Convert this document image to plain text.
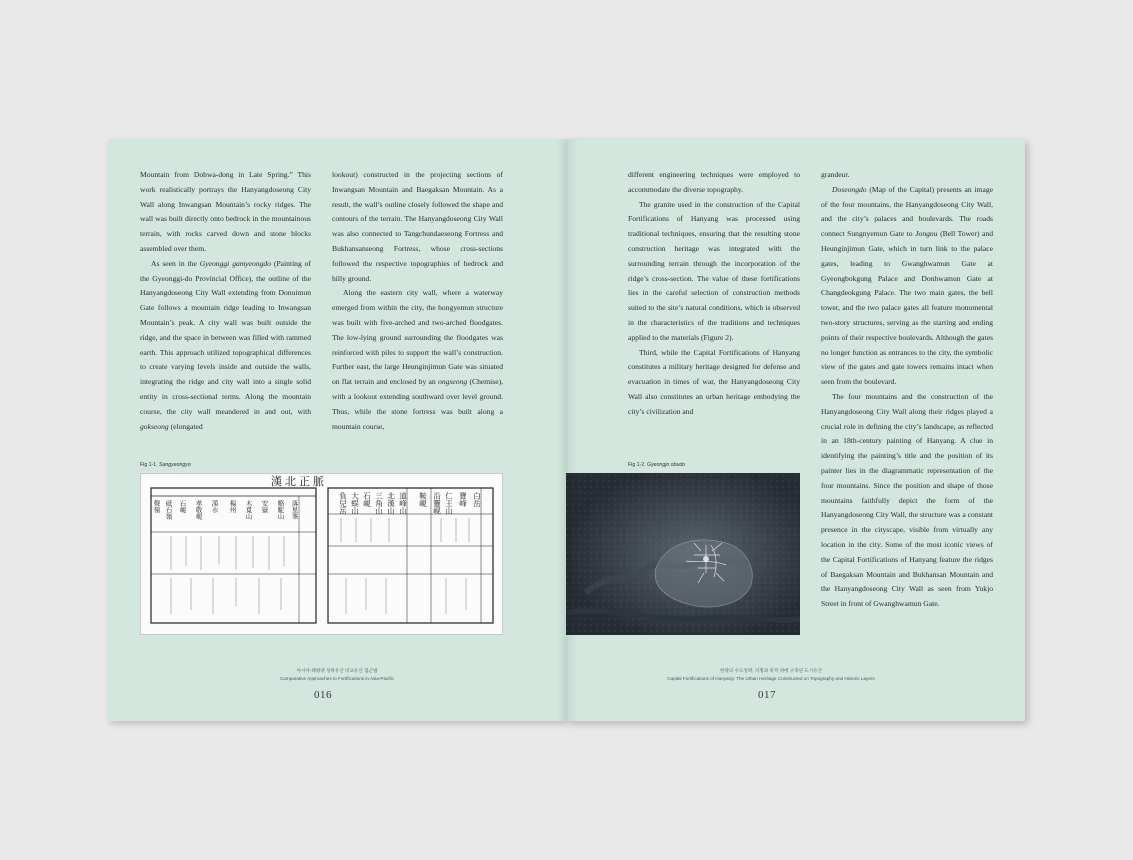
Mountain from Dohwa-dong in Late Spring.” This work realistically portrays the Hanyangdoseong City Wall along Inwangsan Mountain’s rocky ridges. The wall was built directly onto bedrock in the mountainous terrain, with rocks carved down and stone blocks assembled over them.

As seen in the Gyeonggi gamyeongdo (Painting of the Gyeonggi-do Provincial Office), the outline of the Hanyangdoseong City Wall extending from Donuimun Gate follows a mountain ridge leading to Inwangsan Mountain’s peak. A city wall was built outside the ridge, and the space in between was filled with rammed earth. This approach utilized topographical differences to create varying levels inside and outside the walls, integrating the ridge and city wall into a single solid entity in cross-sectional terms. Along the mountain course, the city wall meandered in and out, with gokseong (elongated

lookout) constructed in the projecting sections of Inwangsan Mountain and Baegaksan Mountain. As a result, the wall’s outline closely followed the shape and contours of the terrain. The Hanyangdoseong City Wall was also connected to Tangchundaeseong Fortress and Bukhansanseong Fortress, whose cross-sections followed the respective topographies of bedrock and hilly ground.

Along the eastern city wall, where a waterway emerged from within the city, the hongyemun structure was built with five-arched and two-arched floodgates. The low-lying ground surrounding the floodgates was reinforced with piles to support the wall’s construction. Further east, the large Heunginjimun Gate was situated on flat terrain and enclosed by an ongseong (Chemise), with a lookout extending southward over level ground. Thus, while the stone fortress was built along a mountain course,

Fig 1-1. Sangyeongyo
漢北正脈
白岳
寶峰
仁王山
沿靈岘
鞍峴
道峰山
北漢山
三角山
石峴
大蜈山
負兒岳
落星峯
駱駝山
安嶽
木覓山
楊州
漢水
孝敬峴
石峴
砥石嶺
聲嶺
아시아-태평양 성곽유산 비교유산 접근법
Comparative Approaches to Fortifications in Asia-Pacific
016

different engineering techniques were employed to accommodate the diverse topography.

The granite used in the construction of the Capital Fortifications of Hanyang was processed using traditional techniques, ensuring that the resulting stone construction heritage was integrated with the surrounding terrain through the incorporation of the ridge’s cross-section. The value of these fortifications lies in the careful selection of construction methods suited to the site’s natural conditions, which is observed in the characteristics of the traditions and techniques applied to the materials (Figure 2).

Third, while the Capital Fortifications of Hanyang constitutes a military heritage designed for defense and evacuation in times of war, the Hanyangdoseong City Wall also constitutes an urban heritage embodying the city’s civilization and

grandeur.

Doseongdo (Map of the Capital) presents an image of the four mountains, the Hanyangdoseong City Wall, and the city’s palaces and boulevards. The roads connect Sungnyemun Gate to Jongnu (Bell Tower) and Heunginjimun Gate, which in turn link to the palace gates, leading to Gwanghwamun Gate at Gyeongbokgung Palace and Donhwamun Gate at Changdeokgung Palace. The two main gates, the bell tower, and the two palace gates all feature monumental two-story structures, serving as the starting and ending points of their respective boulevards. Although the gates no longer function as entrances to the city, the symbolic view of the gates and gate towers remains intact when seen from the boulevard.

The four mountains and the construction of the Hanyangdoseong City Wall along their ridges played a crucial role in defining the city’s landscape, as reflected in an 18th-century painting of Hanyang. A clue in identifying the painting’s title and the position of its painter lies in the diagrammatic representation of the four mountains. Since the position and shape of those mountains faithfully depict the form of the Hanyangdoseong City Wall, the structure was a constant presence in the cityscape, visible from virtually any location in the city. Some of the most iconic views of the Capital Fortifications of Hanyang feature the ridges of Baegaksan Mountain and Bukhansan Mountain and the Hanyangdoseong City Wall as seen from Yukjo Street in front of Gwanghwamun Gate.

Fig 1-2. Gyeongjo obudo
한양의 수도성곽, 지형과 축적 위에 구축된 도시유산
Capital Fortifications of Hanyang: The Urban Heritage Constructed on Topography and Historic Layers
017
